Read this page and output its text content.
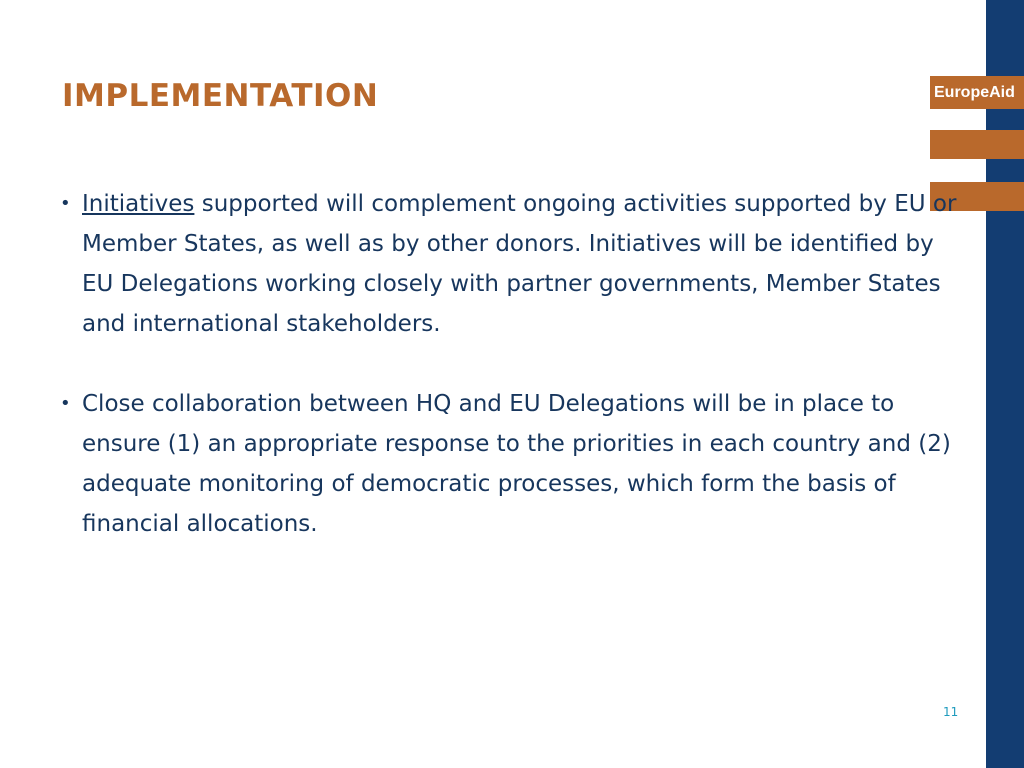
EuropeAid
IMPLEMENTATION
• Initiatives supported will complement ongoing activities supported by EU or Member States, as well as by other donors. Initiatives will be identified by EU Delegations working closely with partner governments, Member States and international stakeholders.
• Close collaboration between HQ and EU Delegations will be in place to ensure (1) an appropriate response to the priorities in each country and (2) adequate monitoring of democratic processes, which form the basis of financial allocations.
11
